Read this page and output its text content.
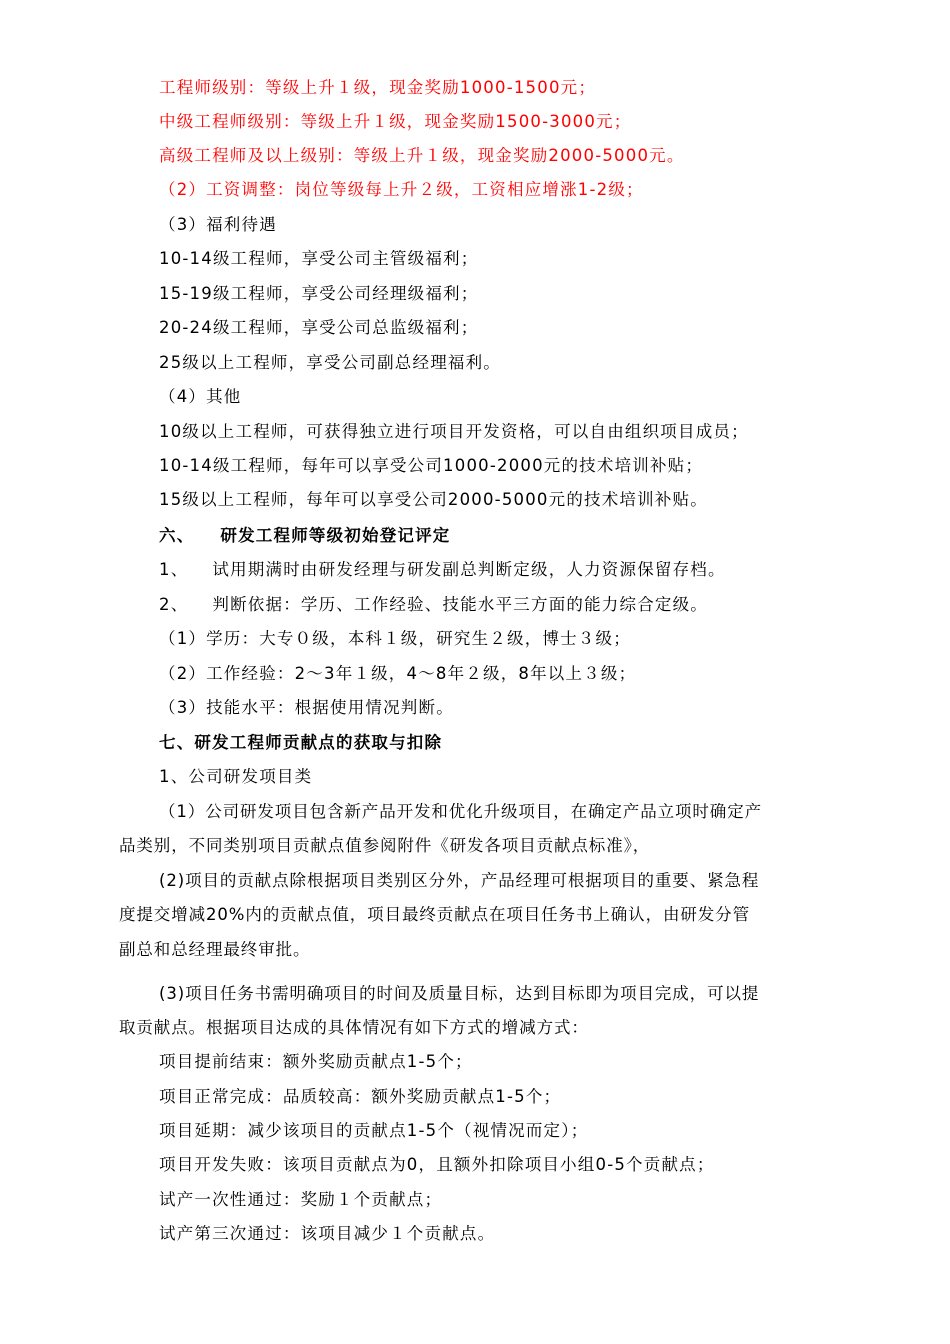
工程师级别：等级上升１级，现金奖励1000-1500元；
中级工程师级别：等级上升１级，现金奖励1500-3000元；
高级工程师及以上级别：等级上升１级，现金奖励2000-5000元。
（2）工资调整：岗位等级每上升２级，工资相应增涨1-2级；
（3）福利待遇
10-14级工程师，享受公司主管级福利；
15-19级工程师，享受公司经理级福利；
20-24级工程师，享受公司总监级福利；
25级以上工程师，享受公司副总经理福利。
（4）其他
10级以上工程师，可获得独立进行项目开发资格，可以自由组织项目成员；
10-14级工程师，每年可以享受公司1000-2000元的技术培训补贴；
15级以上工程师，每年可以享受公司2000-5000元的技术培训补贴。
六、 研发工程师等级初始登记评定
1、 试用期满时由研发经理与研发副总判断定级，人力资源保留存档。
2、 判断依据：学历、工作经验、技能水平三方面的能力综合定级。
（1）学历：大专０级，本科１级，研究生２级，博士３级；
（2）工作经验：2～3年１级，4～8年２级，8年以上３级；
（3）技能水平：根据使用情况判断。
七、研发工程师贡献点的获取与扣除
1、公司研发项目类
（1）公司研发项目包含新产品开发和优化升级项目，在确定产品立项时确定产
品类别，不同类别项目贡献点值参阅附件《研发各项目贡献点标准》，
(2)项目的贡献点除根据项目类别区分外，产品经理可根据项目的重要、紧急程
度提交增减20%内的贡献点值，项目最终贡献点在项目任务书上确认，由研发分管
副总和总经理最终审批。
(3)项目任务书需明确项目的时间及质量目标，达到目标即为项目完成，可以提
取贡献点。根据项目达成的具体情况有如下方式的增减方式：
项目提前结束：额外奖励贡献点1-5个；
项目正常完成：品质较高：额外奖励贡献点1-5个；
项目延期：减少该项目的贡献点1-5个（视情况而定）；
项目开发失败：该项目贡献点为0，且额外扣除项目小组0-5个贡献点；
试产一次性通过：奖励１个贡献点；
试产第三次通过：该项目减少１个贡献点。
